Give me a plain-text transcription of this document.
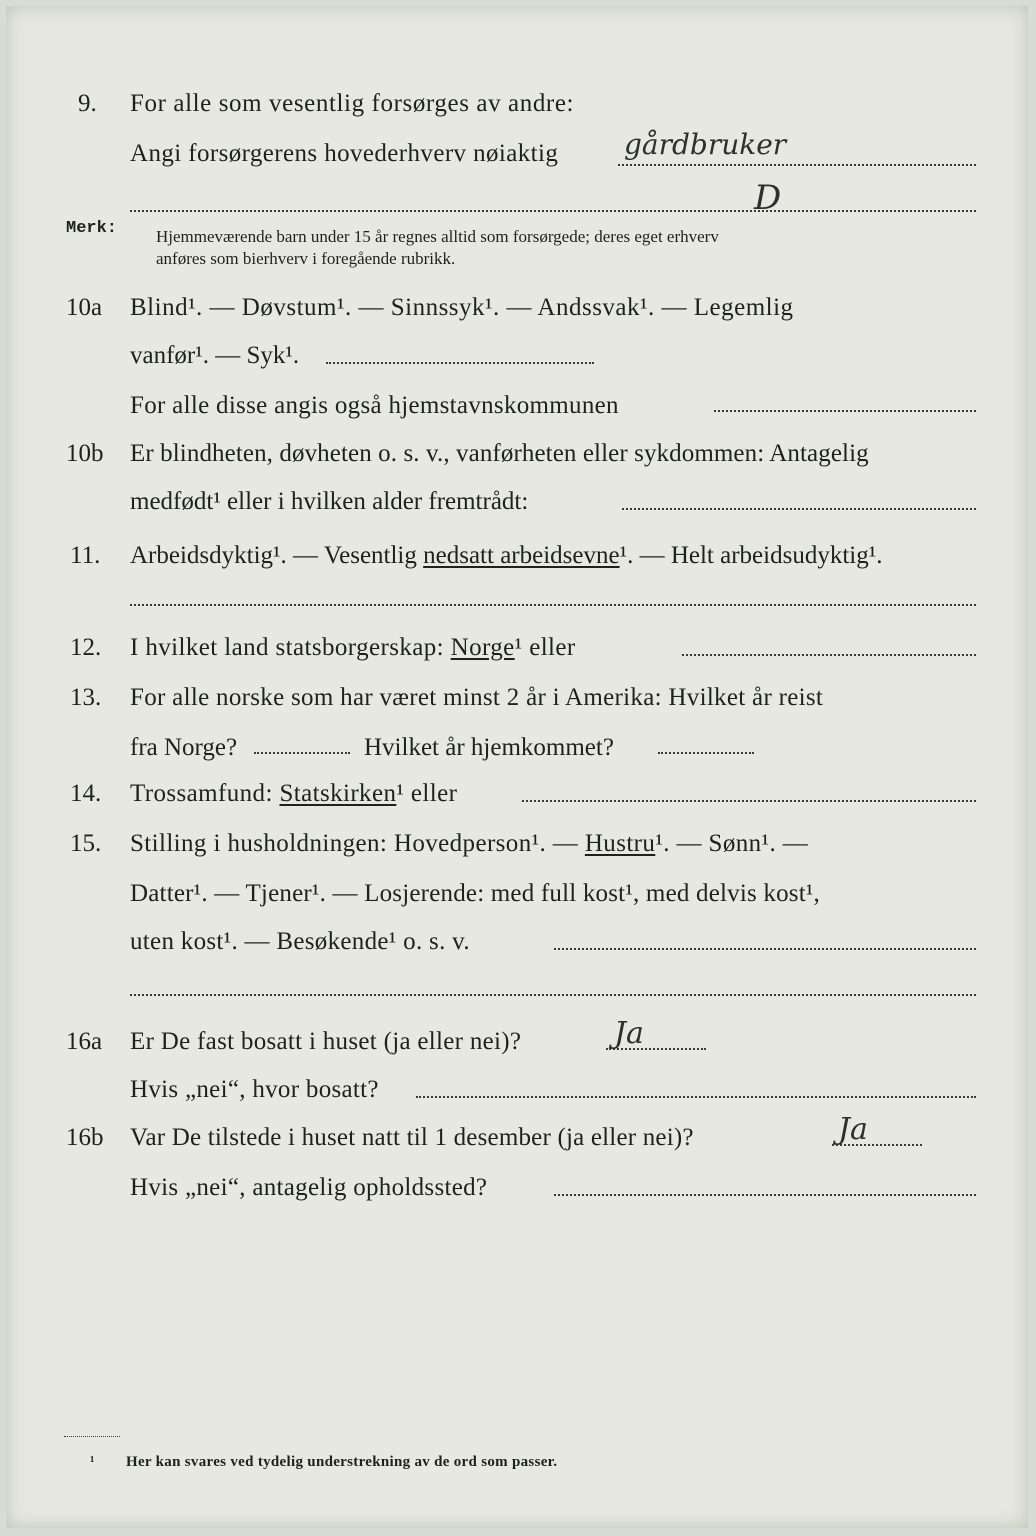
9. For alle som vesentlig forsørges av andre:
Angi forsørgerens hovederhverv nøiaktig gårdbruker
D
Merk: Hjemmeværende barn under 15 år regnes alltid som forsørgede; deres eget erhverv
anføres som bierhverv i foregående rubrikk.
10a Blind¹. — Døvstum¹. — Sinnssyk¹. — Andssvak¹. — Legemlig
vanfør¹. — Syk¹.
For alle disse angis også hjemstavnskommunen
10b Er blindheten, døvheten o. s. v., vanførheten eller sykdommen: Antagelig
medfødt¹ eller i hvilken alder fremtrådt:
11. Arbeidsdyktig¹. — Vesentlig nedsatt arbeidsevne¹. — Helt arbeidsudyktig¹.
12. I hvilket land statsborgerskap: Norge¹ eller
13. For alle norske som har været minst 2 år i Amerika: Hvilket år reist
fra Norge?	Hvilket år hjemkommet?
14. Trossamfund: Statskirken¹ eller
15. Stilling i husholdningen: Hovedperson¹. — Hustru¹. — Sønn¹. —
Datter¹. — Tjener¹. — Losjerende: med full kost¹, med delvis kost¹,
uten kost¹. — Besøkende¹ o. s. v.
16a Er De fast bosatt i huset (ja eller nei)?	Ja
Hvis „nei“, hvor bosatt?
16b Var De tilstede i huset natt til 1 desember (ja eller nei)?	Ja
Hvis „nei“, antagelig opholdssted?
¹ Her kan svares ved tydelig understrekning av de ord som passer.
